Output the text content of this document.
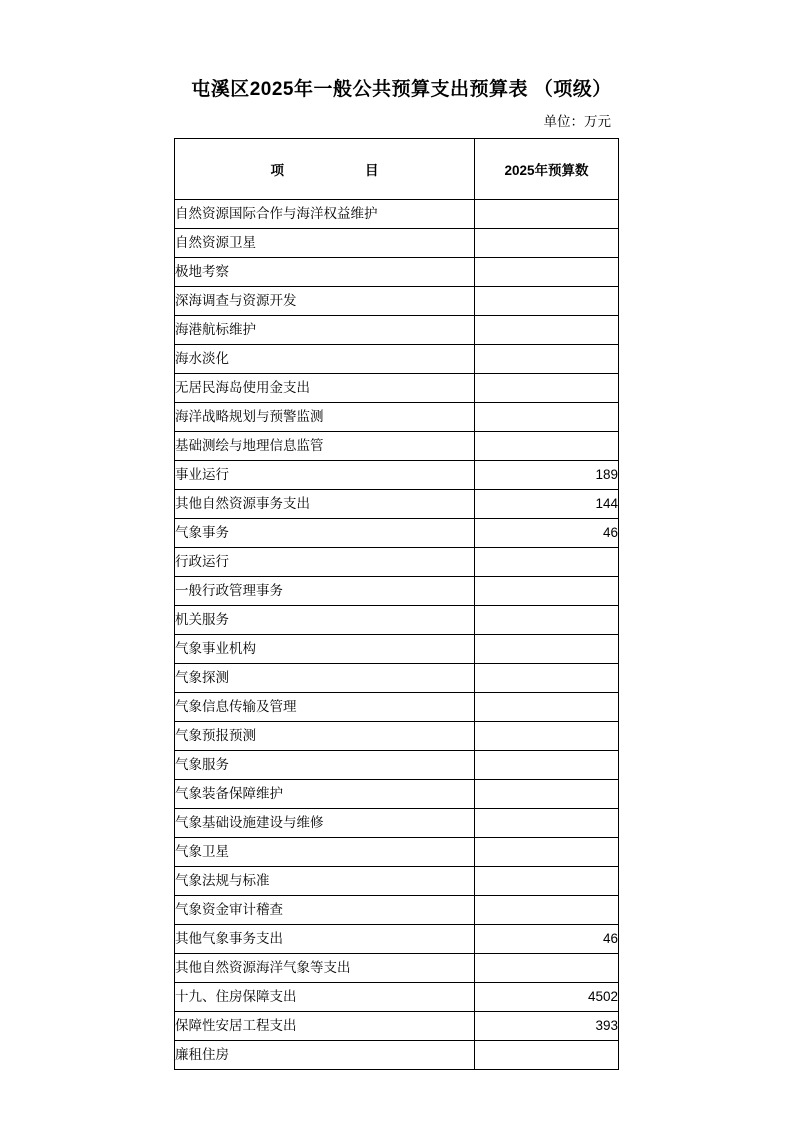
屯溪区2025年一般公共预算支出预算表 （项级）
单位：万元
项　　目	2025年预算数
自然资源国际合作与海洋权益维护	
自然资源卫星	
极地考察	
深海调查与资源开发	
海港航标维护	
海水淡化	
无居民海岛使用金支出	
海洋战略规划与预警监测	
基础测绘与地理信息监管	
事业运行	189
其他自然资源事务支出	144
气象事务	46
行政运行	
一般行政管理事务	
机关服务	
气象事业机构	
气象探测	
气象信息传输及管理	
气象预报预测	
气象服务	
气象装备保障维护	
气象基础设施建设与维修	
气象卫星	
气象法规与标准	
气象资金审计稽查	
其他气象事务支出	46
其他自然资源海洋气象等支出	
十九、住房保障支出	4502
保障性安居工程支出	393
廉租住房	
